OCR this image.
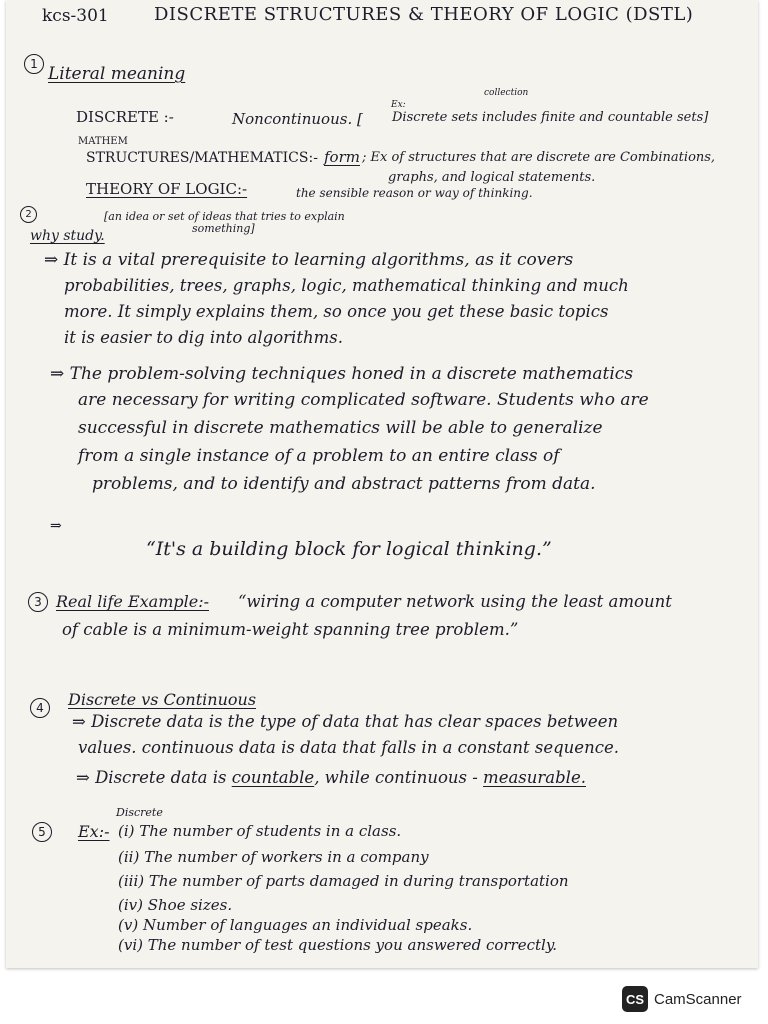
kcs-301	DISCRETE STRUCTURES & THEORY OF LOGIC (DSTL)
1 Literal meaning
DISCRETE :-	Noncontinuous. [
Ex:
collection
Discrete sets includes finite and countable sets]
MATHEM
STRUCTURES/MATHEMATICS:- form ; Ex of structures that are discrete are Combinations,
graphs, and logical statements.
THEORY OF LOGIC:-	the sensible reason or way of thinking.
2	[an idea or set of ideas that tries to explain
something]
why study.
⇒ It is a vital prerequisite to learning algorithms, as it covers
probabilities, trees, graphs, logic, mathematical thinking and much
more. It simply explains them, so once you get these basic topics
it is easier to dig into algorithms.
⇒ The problem-solving techniques honed in a discrete mathematics
are necessary for writing complicated software. Students who are
successful in discrete mathematics will be able to generalize
from a single instance of a problem to an entire class of
problems, and to identify and abstract patterns from data.
⇒
“It's a building block for logical thinking.”
3 Real life Example:- “wiring a computer network using the least amount
of cable is a minimum-weight spanning tree problem.”
4	Discrete vs Continuous
⇒ Discrete data is the type of data that has clear spaces between
values. continuous data is data that falls in a constant sequence.
⇒ Discrete data is countable, while continuous - measurable.
5
Discrete
Ex:- (i) The number of students in a class.
(ii) The number of workers in a company
(iii) The number of parts damaged in during transportation
(iv) Shoe sizes.
(v) Number of languages an individual speaks.
(vi) The number of test questions you answered correctly.
CS CamScanner
